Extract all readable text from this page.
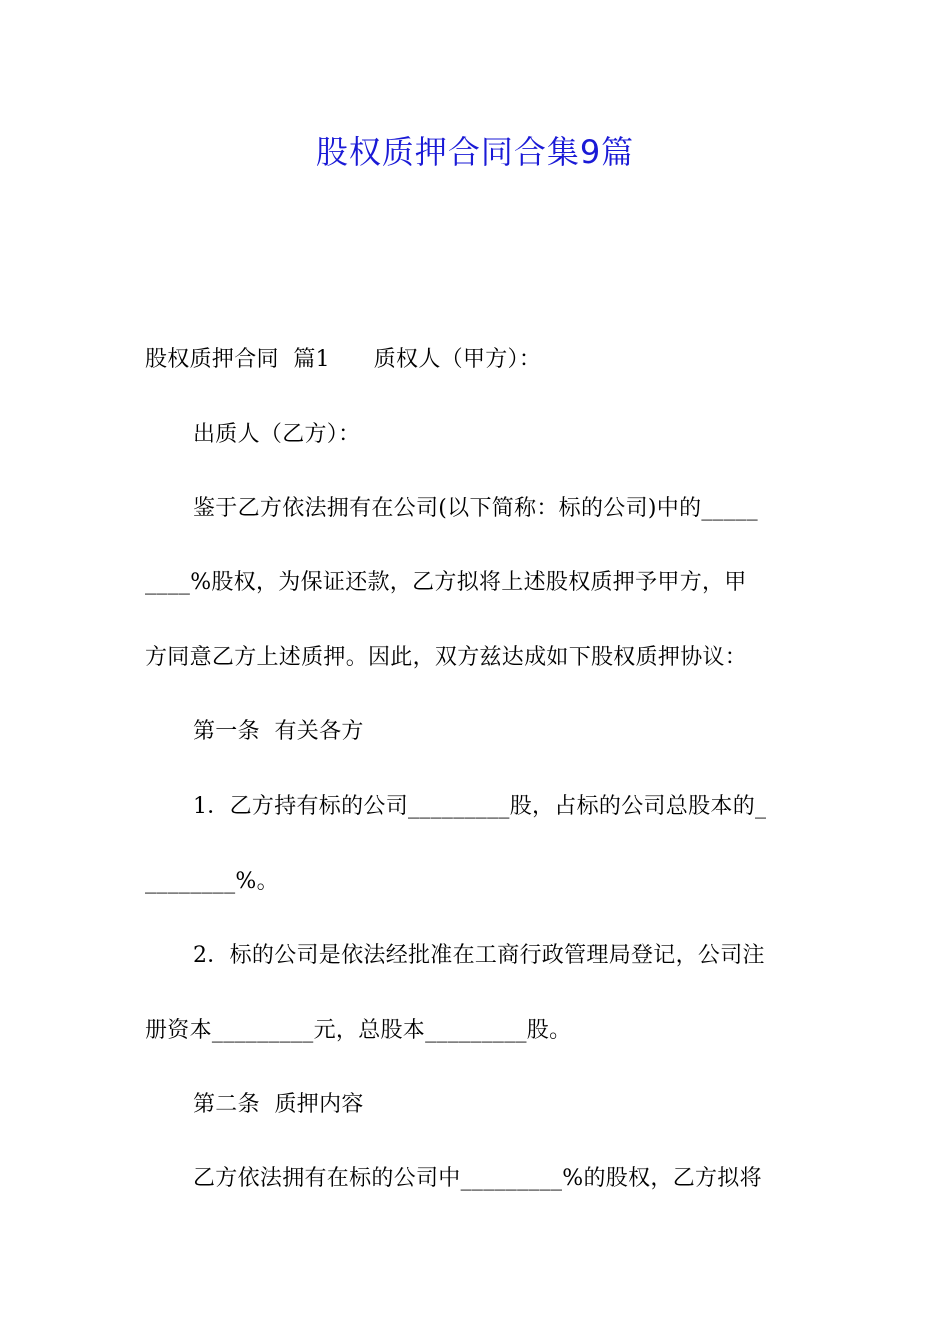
股权质押合同合集9篇
股权质押合同  篇1      质权人（甲方）：
出质人（乙方）：
鉴于乙方依法拥有在公司(以下简称：标的公司)中的_____
____%股权，为保证还款，乙方拟将上述股权质押予甲方，甲
方同意乙方上述质押。因此，双方兹达成如下股权质押协议：
第一条  有关各方
1．乙方持有标的公司_________股，占标的公司总股本的_
________%。
2．标的公司是依法经批准在工商行政管理局登记，公司注
册资本_________元，总股本_________股。
第二条  质押内容
乙方依法拥有在标的公司中_________%的股权，乙方拟将
